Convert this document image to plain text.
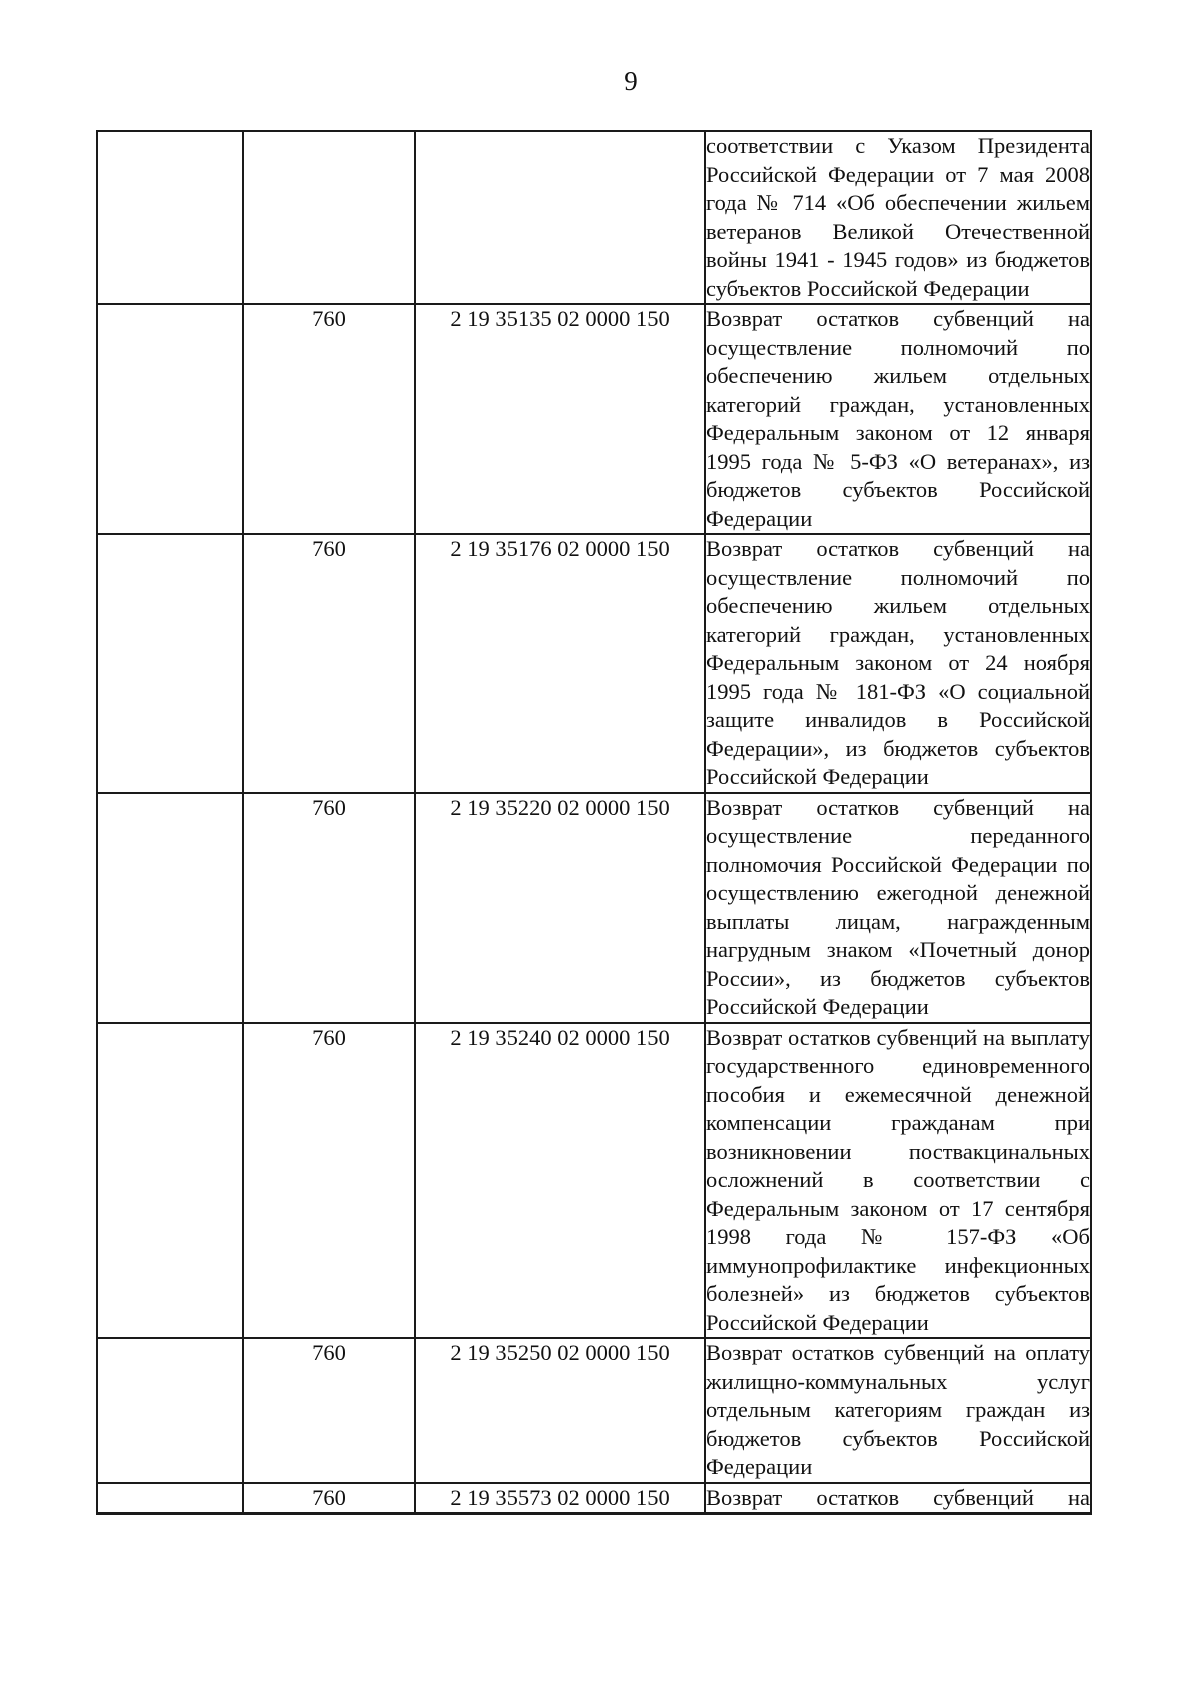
9
			соответствии с Указом Президента Российской Федерации от 7 мая 2008 года № 714 «Об обеспечении жильем ветеранов Великой Отечественной войны 1941 - 1945 годов» из бюджетов субъектов Российской Федерации
	760	2 19 35135 02 0000 150	Возврат остатков субвенций на осуществление полномочий по обеспечению жильем отдельных категорий граждан, установленных Федеральным законом от 12 января 1995 года № 5-ФЗ «О ветеранах», из бюджетов субъектов Российской Федерации
	760	2 19 35176 02 0000 150	Возврат остатков субвенций на осуществление полномочий по обеспечению жильем отдельных категорий граждан, установленных Федеральным законом от 24 ноября 1995 года № 181-ФЗ «О социальной защите инвалидов в Российской Федерации», из бюджетов субъектов Российской Федерации
	760	2 19 35220 02 0000 150	Возврат остатков субвенций на осуществление переданного полномочия Российской Федерации по осуществлению ежегодной денежной выплаты лицам, награжденным нагрудным знаком «Почетный донор России», из бюджетов субъектов Российской Федерации
	760	2 19 35240 02 0000 150	Возврат остатков субвенций на выплату государственного единовременного пособия и ежемесячной денежной компенсации гражданам при возникновении поствакцинальных осложнений в соответствии с Федеральным законом от 17 сентября 1998 года № 157-ФЗ «Об иммунопрофилактике инфекционных болезней» из бюджетов субъектов Российской Федерации
	760	2 19 35250 02 0000 150	Возврат остатков субвенций на оплату жилищно-коммунальных услуг отдельным категориям граждан из бюджетов субъектов Российской Федерации
	760	2 19 35573 02 0000 150	Возврат остатков субвенций на
